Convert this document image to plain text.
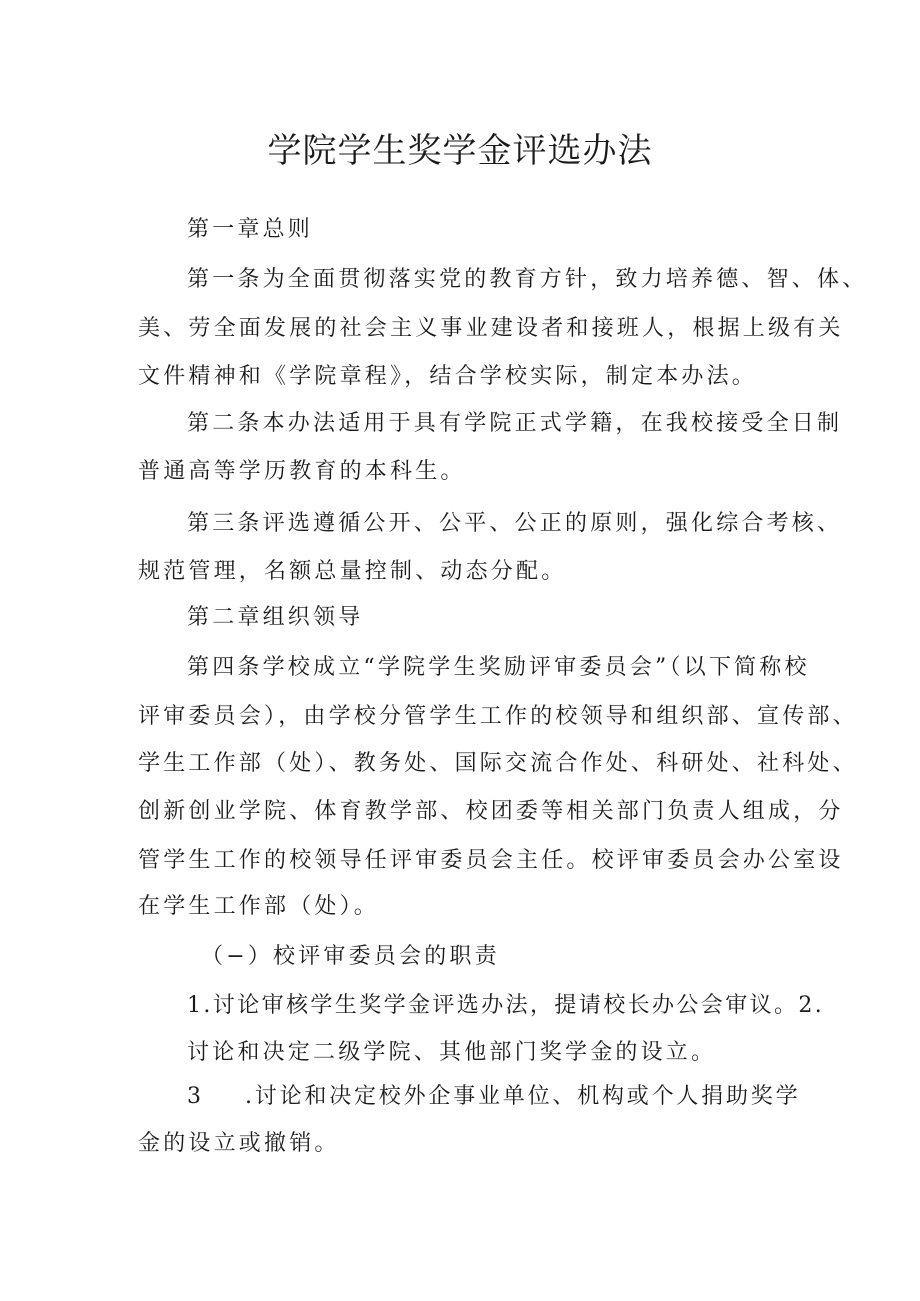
学院学生奖学金评选办法

第一章总则

第一条为全面贯彻落实党的教育方针，致力培养德、智、体、

美、劳全面发展的社会主义事业建设者和接班人，根据上级有关

文件精神和《学院章程》，结合学校实际，制定本办法。

第二条本办法适用于具有学院正式学籍，在我校接受全日制

普通高等学历教育的本科生。

第三条评选遵循公开、公平、公正的原则，强化综合考核、

规范管理，名额总量控制、动态分配。

第二章组织领导

第四条学校成立“学院学生奖励评审委员会”（以下简称校

评审委员会），由学校分管学生工作的校领导和组织部、宣传部、

学生工作部（处）、教务处、国际交流合作处、科研处、社科处、

创新创业学院、体育教学部、校团委等相关部门负责人组成，分

管学生工作的校领导任评审委员会主任。校评审委员会办公室设

在学生工作部（处）。

（−）校评审委员会的职责

1.讨论审核学生奖学金评选办法，提请校长办公会审议。2.

讨论和决定二级学院、其他部门奖学金的设立。

3 .讨论和决定校外企事业单位、机构或个人捐助奖学

金的设立或撤销。
